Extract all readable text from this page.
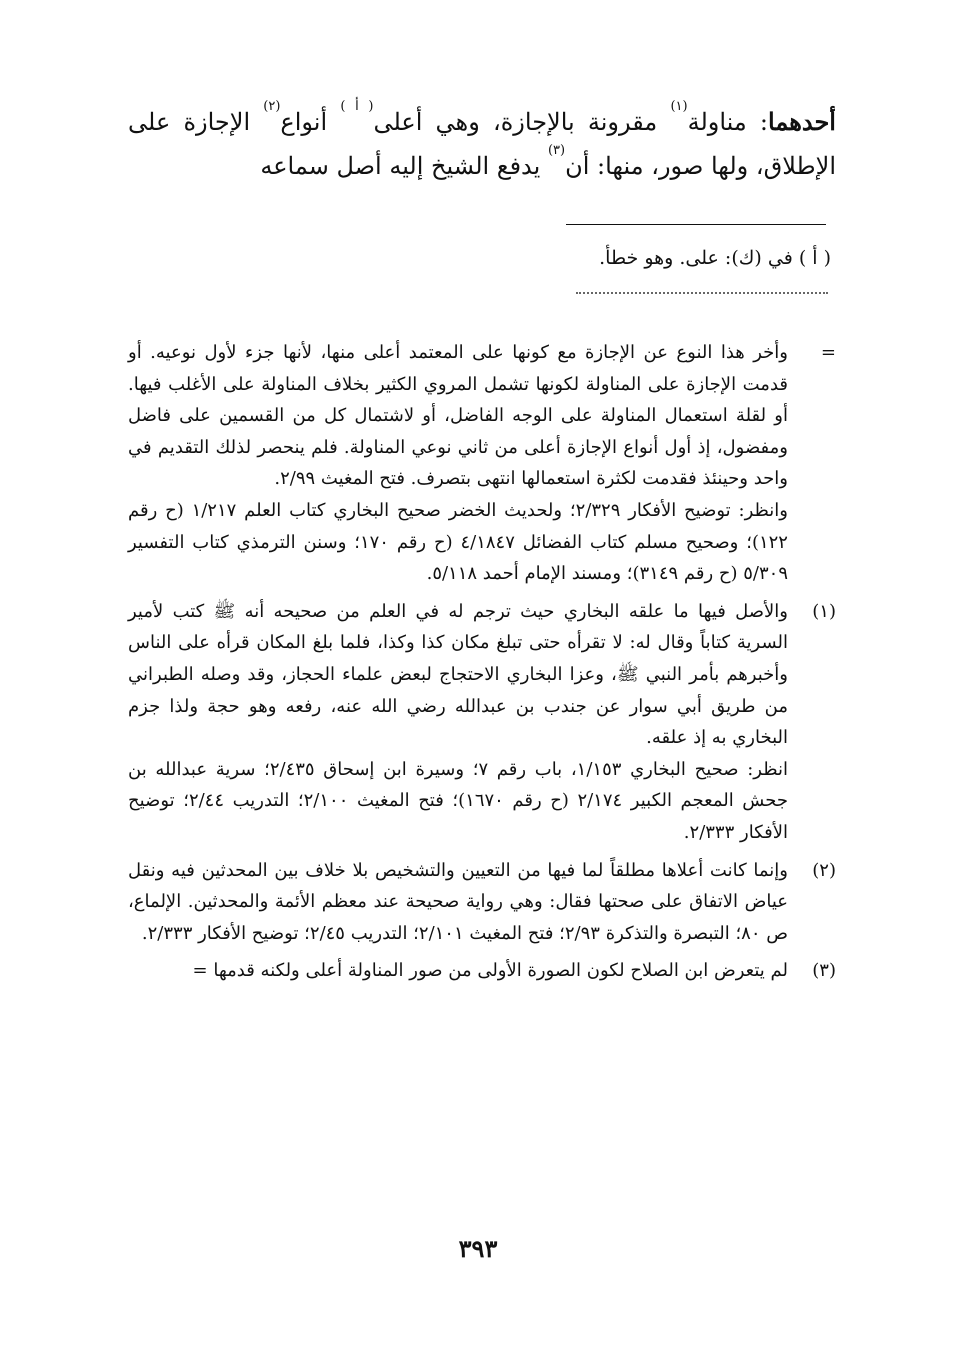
أحدهما: مناولة$^{(١)}$ مقرونة بالإجازة، وهي أعلى$^{( أ )}$ أنواع$^{(٢)}$ الإجازة على الإطلاق، ولها صور، منها: أن$^{(٣)}$ يدفع الشيخ إليه أصل سماعه
( أ ) في (ك): على. وهو خطأ.
=

وأخر هذا النوع عن الإجازة مع كونها على المعتمد أعلى منها، لأنها جزء لأول نوعيه. أو قدمت الإجازة على المناولة لكونها تشمل المروي الكثير بخلاف المناولة على الأغلب فيها. أو لقلة استعمال المناولة على الوجه الفاضل، أو لاشتمال كل من القسمين على فاضل ومفضول، إذ أول أنواع الإجازة أعلى من ثاني نوعي المناولة. فلم ينحصر لذلك التقديم في واحد وحينئذ فقدمت لكثرة استعمالها انتهى بتصرف. فتح المغيث ٢/٩٩.

وانظر: توضيح الأفكار ٢/٣٢٩؛ ولحديث الخضر صحيح البخاري كتاب العلم ١/٢١٧ (ح رقم ١٢٢)؛ وصحيح مسلم كتاب الفضائل ٤/١٨٤٧ (ح رقم ١٧٠؛ وسنن الترمذي كتاب التفسير ٥/٣٠٩ (ح رقم ٣١٤٩)؛ ومسند الإمام أحمد ٥/١١٨.

(١)

والأصل فيها ما علقه البخاري حيث ترجم له في العلم من صحيحه أنه ﷺ كتب لأمير السرية كتاباً وقال له: لا تقرأه حتى تبلغ مكان كذا وكذا، فلما بلغ المكان قرأه على الناس وأخبرهم بأمر النبي ﷺ، وعزا البخاري الاحتجاج لبعض علماء الحجاز، وقد وصله الطبراني من طريق أبي سوار عن جندب بن عبدالله رضي الله عنه، رفعه وهو حجة ولذا جزم البخاري به إذ علقه.

انظر: صحيح البخاري ١/١٥٣، باب رقم ٧؛ وسيرة ابن إسحاق ٢/٤٣٥؛ سرية عبدالله بن جحش المعجم الكبير ٢/١٧٤ (ح رقم ١٦٧٠)؛ فتح المغيث ٢/١٠٠؛ التدريب ٢/٤٤؛ توضيح الأفكار ٢/٣٣٣.

(٢)

وإنما كانت أعلاها مطلقاً لما فيها من التعيين والتشخيص بلا خلاف بين المحدثين فيه ونقل عياض الاتفاق على صحتها فقال: وهي رواية صحيحة عند معظم الأئمة والمحدثين. الإلماع، ص ٨٠؛ التبصرة والتذكرة ٢/٩٣؛ فتح المغيث ٢/١٠١؛ التدريب ٢/٤٥؛ توضيح الأفكار ٢/٣٣٣.

(٣)

لم يتعرض ابن الصلاح لكون الصورة الأولى من صور المناولة أعلى ولكنه قدمها =

٣٩٣
